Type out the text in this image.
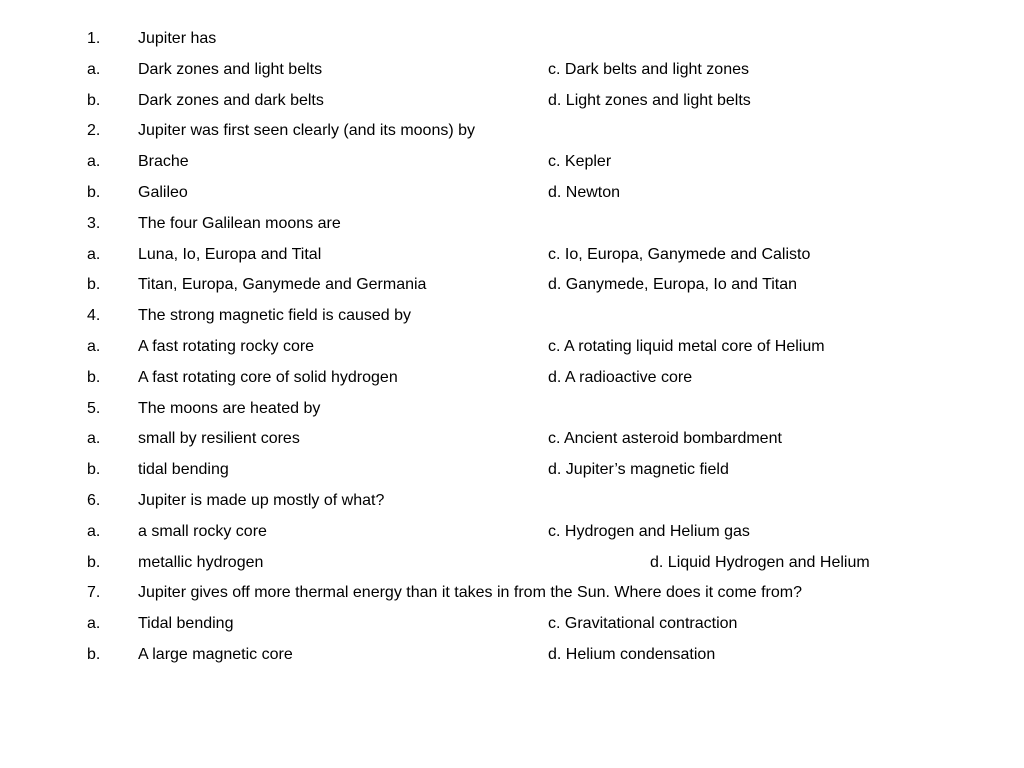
1. Jupiter has
a. Dark zones and light belts	c. Dark belts and light zones
b. Dark zones and dark belts	d. Light zones and light belts
2. Jupiter was first seen clearly (and its moons) by
a. Brache	c. Kepler
b. Galileo	d. Newton
3. The four Galilean moons are
a. Luna, Io, Europa and Tital	c. Io, Europa, Ganymede and Calisto
b. Titan, Europa, Ganymede and Germania	d. Ganymede, Europa, Io and Titan
4. The strong magnetic field is caused by
a. A fast rotating rocky core	c. A rotating liquid metal core of Helium
b. A fast rotating core of solid hydrogen	d. A radioactive core
5. The moons are heated by
a. small by resilient cores	c. Ancient asteroid bombardment
b. tidal bending	d. Jupiter’s magnetic field
6. Jupiter is made up mostly of what?
a. a small rocky core	c. Hydrogen and Helium gas
b. metallic hydrogen	d. Liquid Hydrogen and Helium
7. Jupiter gives off more thermal energy than it takes in from the Sun. Where does it come from?
a. Tidal bending	c. Gravitational contraction
b. A large magnetic core	d. Helium condensation
